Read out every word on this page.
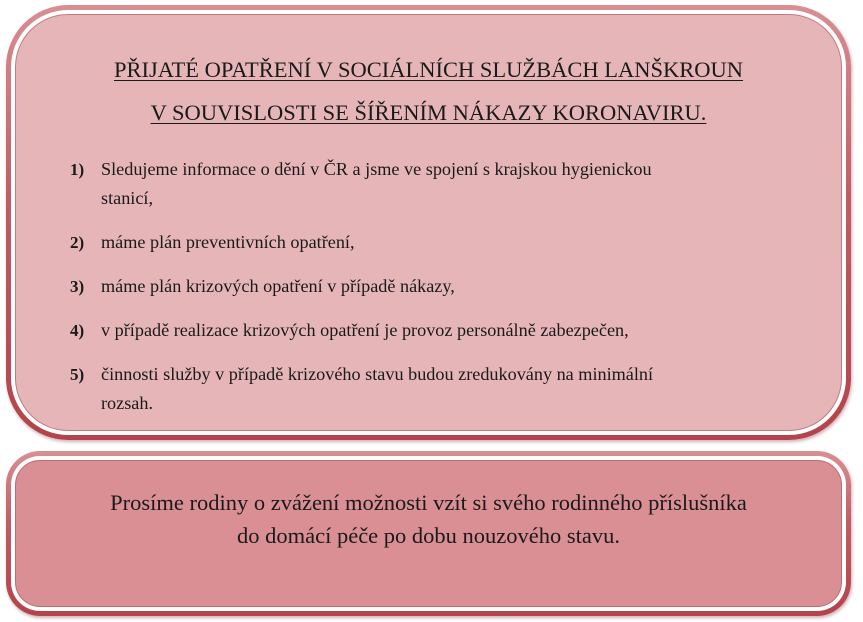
PŘIJATÉ OPATŘENÍ V SOCIÁLNÍCH SLUŽBÁCH LANŠKROUN
V SOUVISLOSTI SE ŠÍŘENÍM NÁKAZY KORONAVIRU.
1) Sledujeme informace o dění v ČR a jsme ve spojení s krajskou hygienickou
stanicí,
2) máme plán preventivních opatření,
3) máme plán krizových opatření v případě nákazy,
4) v případě realizace krizových opatření je provoz personálně zabezpečen,
5) činnosti služby v případě krizového stavu budou zredukovány na minimální
rozsah.

Prosíme rodiny o zvážení možnosti vzít si svého rodinného příslušníka
do domácí péče po dobu nouzového stavu.
